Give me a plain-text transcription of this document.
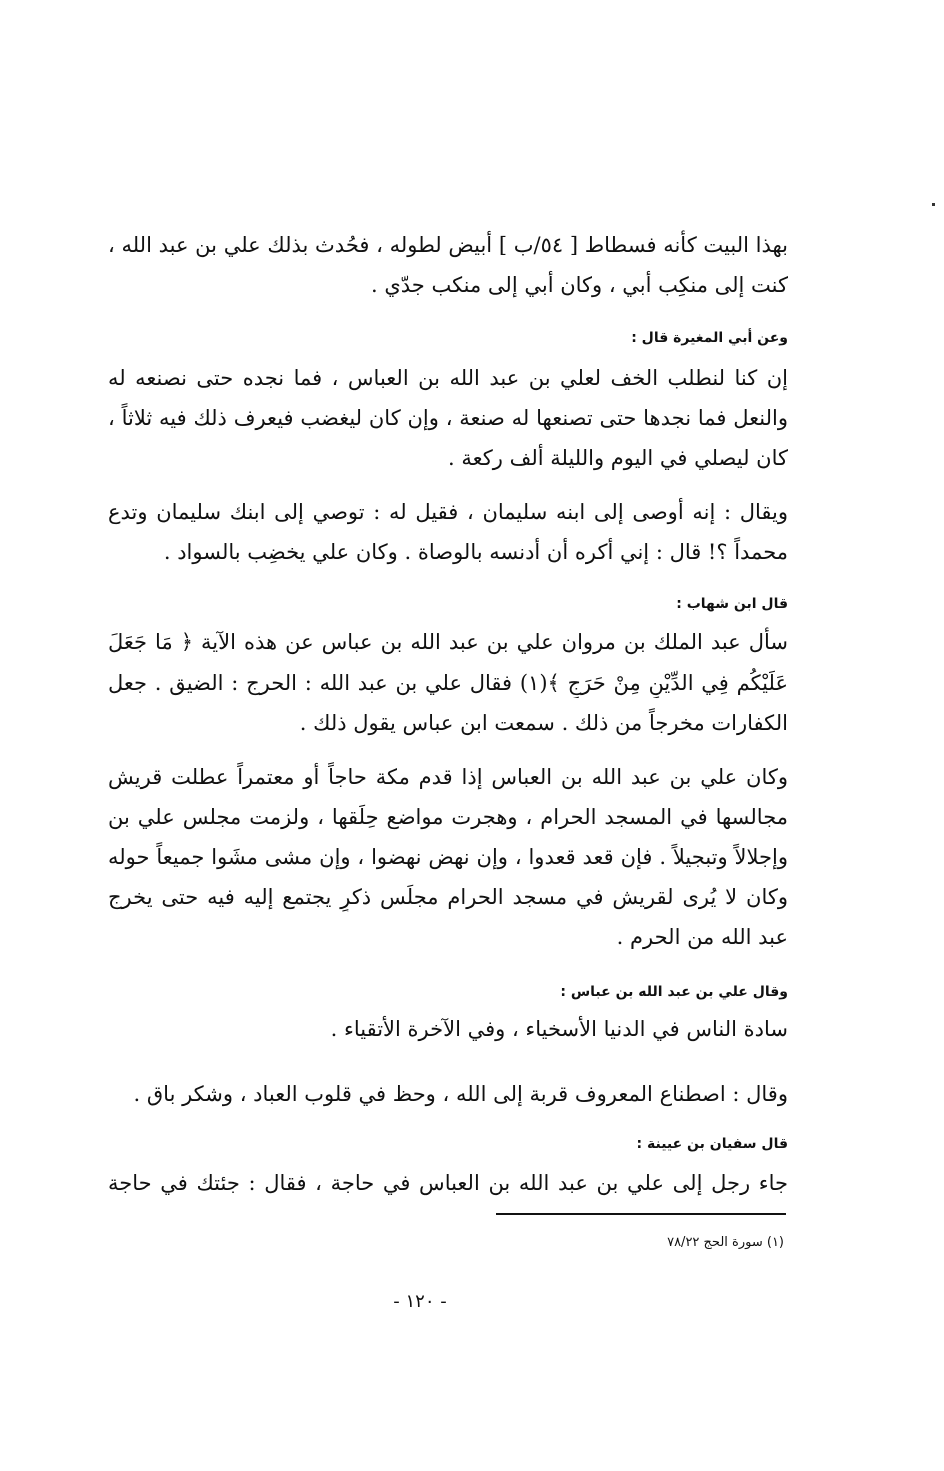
بهذا البيت كأنه فسطاط [ ٥٤/ب ] أبيض لطوله ، فحُدث بذلك علي بن عبد الله ،
كنت إلى منكِب أبي ، وكان أبي إلى منكب جدّي .
وعن أبي المغيرة قال :
إن كنا لنطلب الخف لعلي بن عبد الله بن العباس ، فما نجده حتى نصنعه له
والنعل فما نجدها حتى تصنعها له صنعة ، وإن كان ليغضب فيعرف ذلك فيه ثلاثاً ،
كان ليصلي في اليوم والليلة ألف ركعة .
ويقال : إنه أوصى إلى ابنه سليمان ، فقيل له : توصي إلى ابنك سليمان وتدع
محمداً ؟! قال : إني أكره أن أدنسه بالوصاة . وكان علي يخضِب بالسواد .
قال ابن شهاب :
سأل عبد الملك بن مروان علي بن عبد الله بن عباس عن هذه الآية ﴿ مَا جَعَلَ
عَلَيْكُم فِي الدِّيْنِ مِنْ حَرَجٍ ﴾(١) فقال علي بن عبد الله : الحرج : الضيق . جعل
الكفارات مخرجاً من ذلك . سمعت ابن عباس يقول ذلك .
وكان علي بن عبد الله بن العباس إذا قدم مكة حاجاً أو معتمراً عطلت قريش
مجالسها في المسجد الحرام ، وهجرت مواضع حِلَقها ، ولزمت مجلس علي بن
وإجلالاً وتبجيلاً . فإن قعد قعدوا ، وإن نهض نهضوا ، وإن مشى مشَوا جميعاً حوله
وكان لا يُرى لقريش في مسجد الحرام مجلَس ذكرٍ يجتمع إليه فيه حتى يخرج
عبد الله من الحرم .
وقال علي بن عبد الله بن عباس :
سادة الناس في الدنيا الأسخياء ، وفي الآخرة الأتقياء .
وقال : اصطناع المعروف قربة إلى الله ، وحظ في قلوب العباد ، وشكر باق .
قال سفيان بن عيينة :
جاء رجل إلى علي بن عبد الله بن العباس في حاجة ، فقال : جئتك في حاجة
(١) سورة الحج ٧٨/٢٢
- ١٢٠ -
